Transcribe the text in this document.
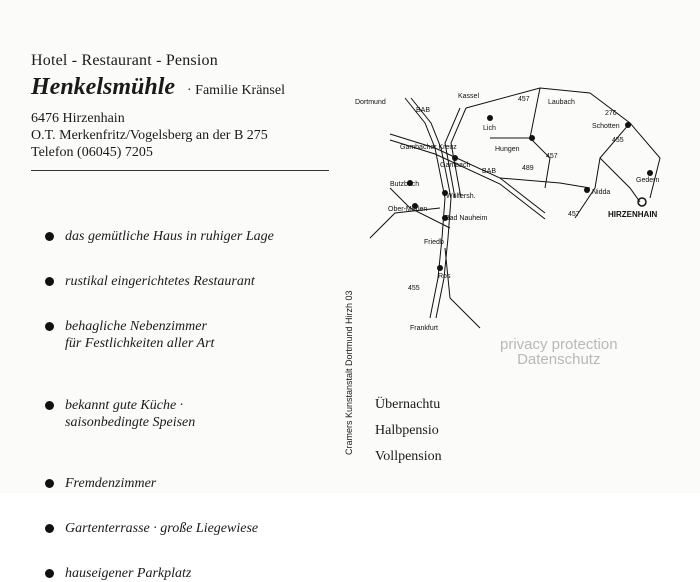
Hotel - Restaurant - Pension
Henkelsmühle · Familie Kränsel
6476 Hirzenhain
O.T. Merkenfritz/Vogelsberg an der B 275
Telefon (06045) 7205
das gemütliche Haus in ruhiger Lage
rustikal eingerichtetes Restaurant
behagliche Nebenzimmer
für Festlichkeiten aller Art
bekannt gute Küche ·
saisonbedingte Speisen
Fremdenzimmer
Gartenterrasse · große Liegewiese
hauseigener Parkplatz
Cramers Kunstanstalt Dortmund Hirzh 03
Dortmund
Kassel
Laubach
Lich	Schotten
Gambacher Kreuz	Hungen
Gambach
Butzbach
Nidda
Gedern
Wölfersh.
Ober-Mörlen
Bad Nauheim	HIRZENHAIN
Friedb
Ros
Frankfurt
BAB
457
276
455
457
489
BAB
455
457
Übernachtu
Halbpensio
Vollpension
privacy protection
Datenschutz
